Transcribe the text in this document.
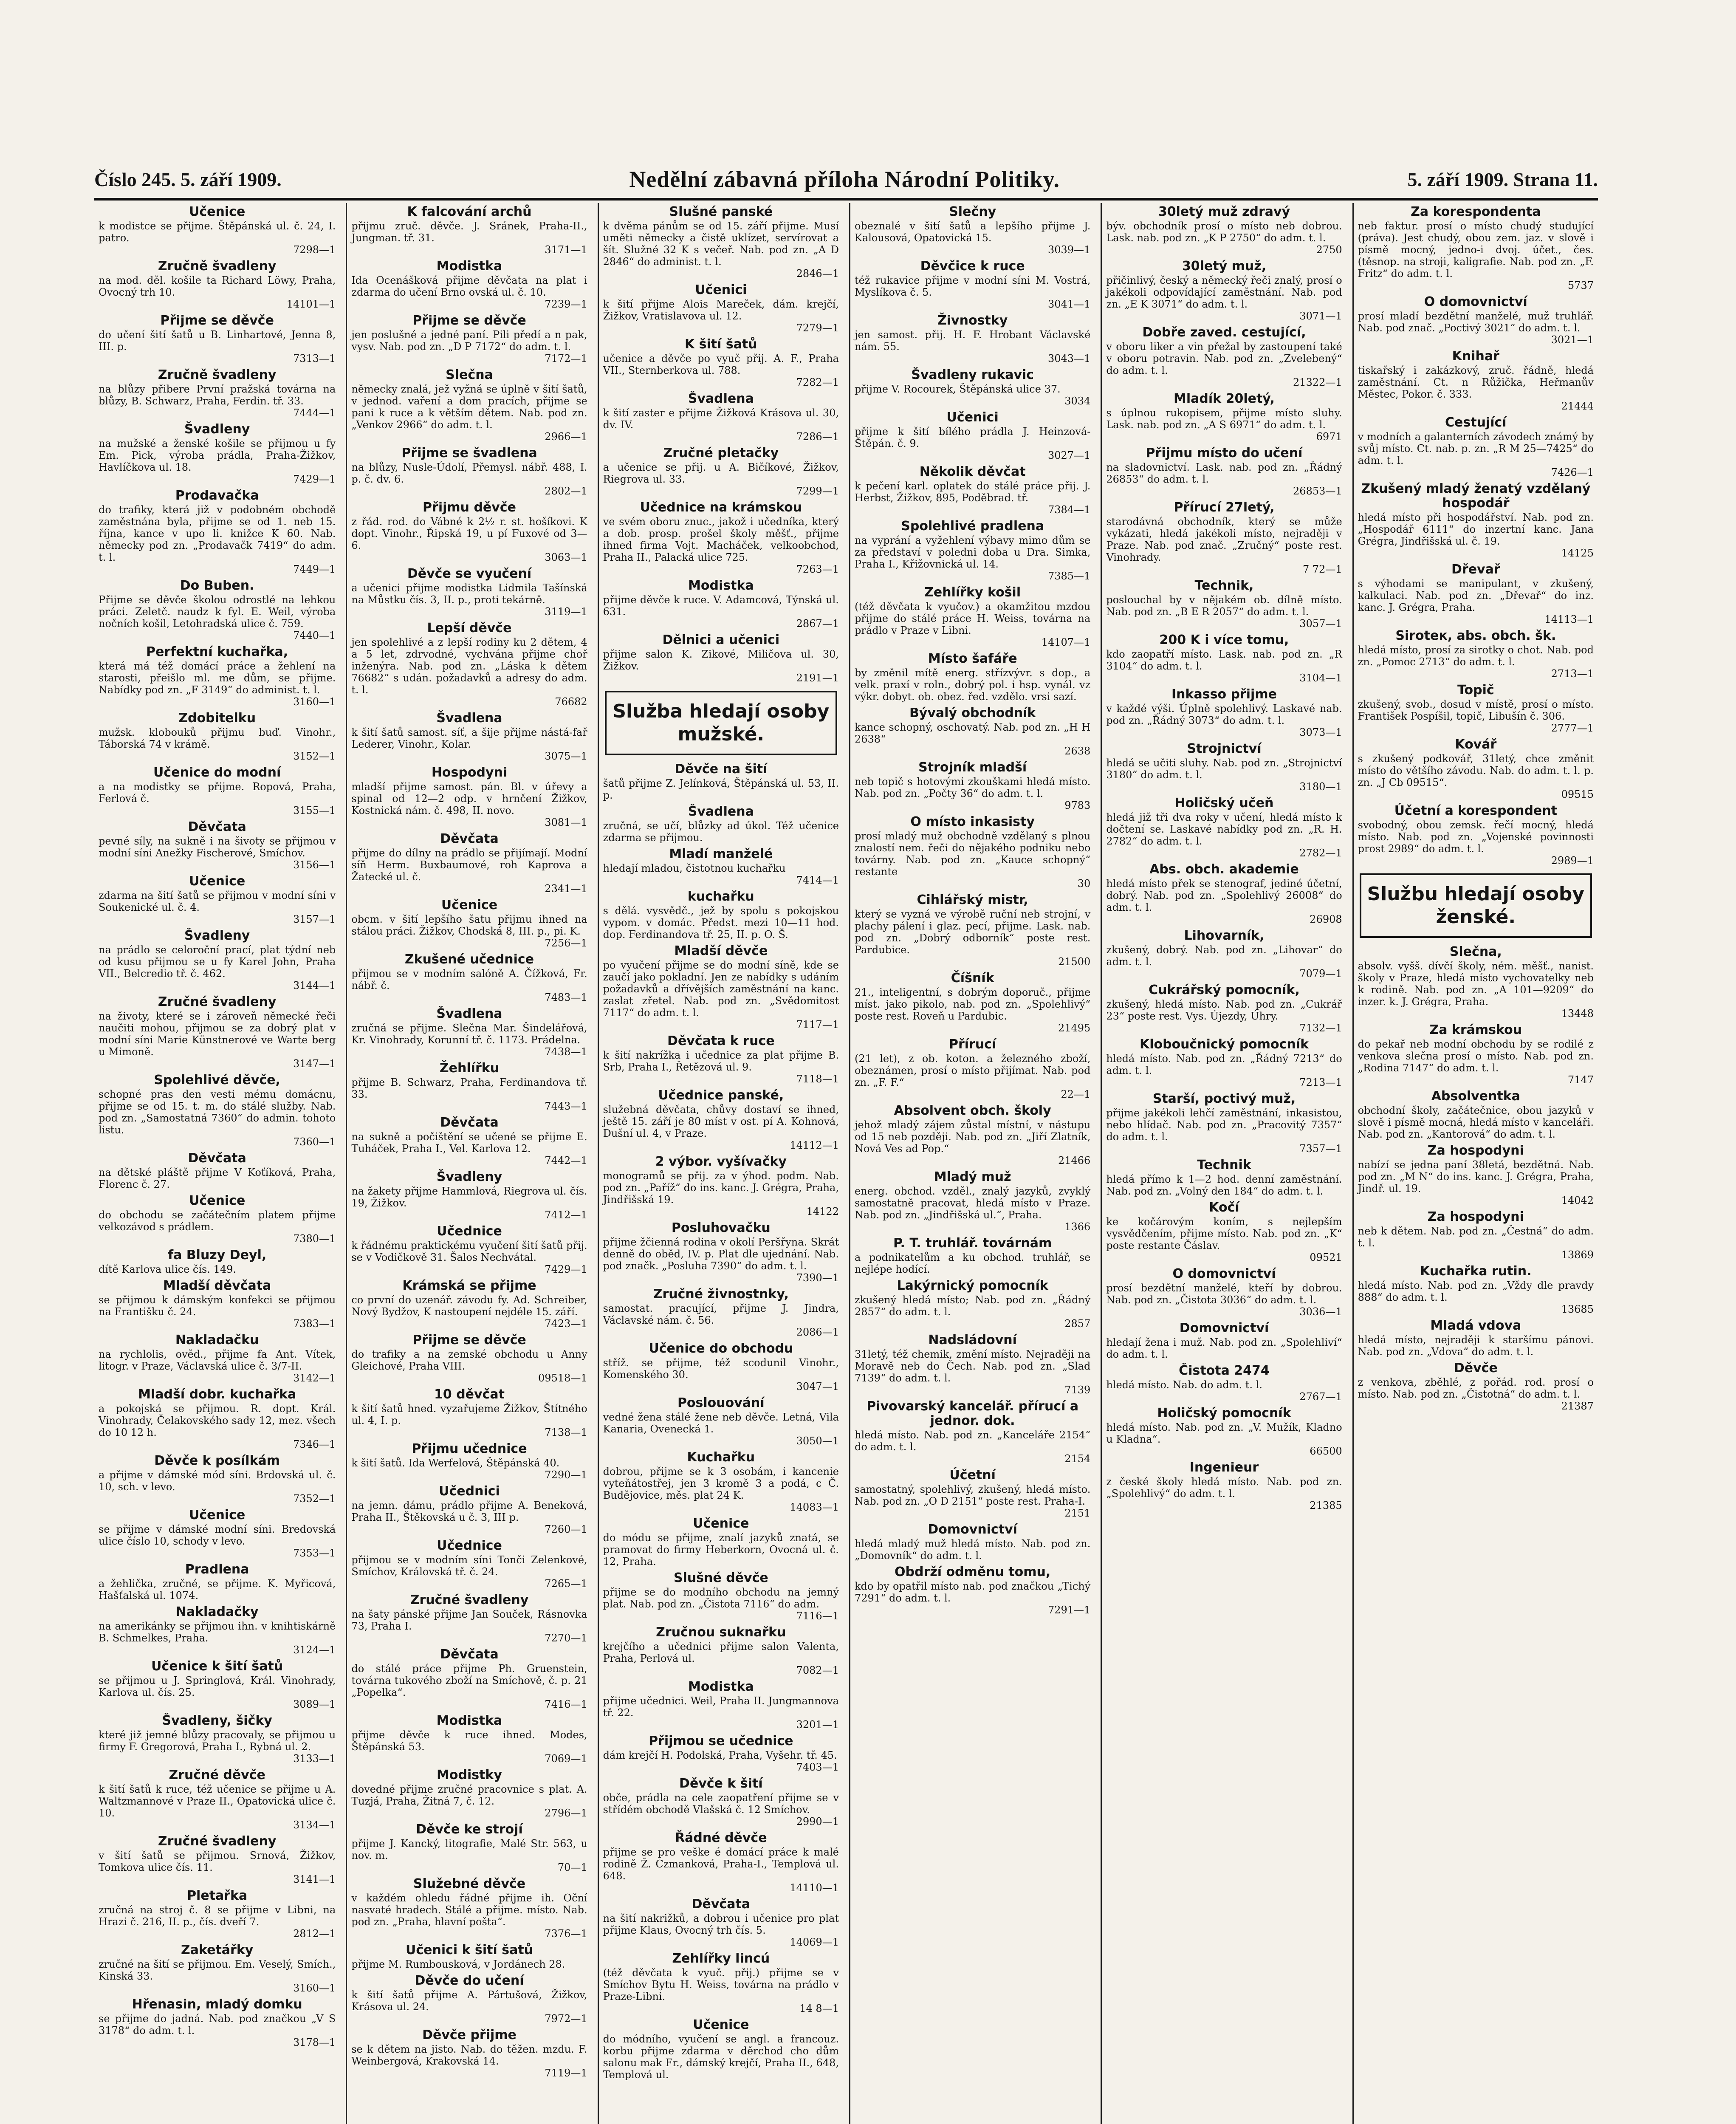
Číslo 245. 5. září 1909.	Nedělní zábavná příloha Národní Politiky.	5. září 1909. Strana 11.
Učenice

k modistce se přijme. Štěpánská ul. č. 24, I. patro.

7298—1
Zručně švadleny

na mod. děl. košile ta Richard Löwy, Praha, Ovocný trh 10.

14101—1
Přijme se děvče

do učení šití šatů u B. Linhartové, Jenna 8, III. p.

7313—1
Zručně švadleny

na blůzy přibere První pražská továrna na blůzy, B. Schwarz, Praha, Ferdin. tř. 33.

7444—1
Švadleny

na mužské a ženské košile se přijmou u fy Em. Pick, výroba prádla, Praha-Žižkov, Havlíčkova ul. 18.

7429—1
Prodavačka

do trafiky, která již v podobném obchodě zaměstnána byla, přijme se od 1. neb 15. října, kance v upo li. knižce K 60. Nab. německy pod zn. „Prodavačk 7419“ do adm. t. l.

7449—1
Do Buben.

Přijme se děvče školou odrostlé na lehkou práci. Zeletč. naudz k fyl. E. Weil, výroba nočních košil, Letohradská ulice č. 759.

7440—1
Perfektní kuchařka,

která má též domácí práce a žehlení na starosti, přeišlo ml. me dům, se přijme. Nabídky pod zn. „F 3149“ do administ. t. l.

3160—1
Zdobitelku

mužsk. klobouků přijmu buď. Vinohr., Táborská 74 v krámě.

3152—1
Učenice do modní

a na modistky se přijme. Ropová, Praha, Ferlová č.

3155—1
Děvčata

pevné síly, na sukně i na šivoty se přijmou v modní síni Anežky Fischerové, Smíchov.

3156—1
Učenice

zdarma na šití šatů se přijmou v modní síni v Soukenické ul. č. 4.

3157—1
Švadleny

na prádlo se celoroční prací, plat týdní neb od kusu přijmou se u fy Karel John, Praha VII., Belcredio tř. č. 462.

3144—1
Zručné švadleny

na životy, které se i zároveň německé řeči naučiti mohou, přijmou se za dobrý plat v modní síni Marie Künstnerové ve Warte berg u Mimoně.

3147—1
Spolehlivé děvče,

schopné pras den vesti mému domácnu, přijme se od 15. t. m. do stálé služby. Nab. pod zn. „Samostatná 7360“ do admin. tohoto listu.

7360—1
Děvčata

na dětské pláště přijme V Koťíková, Praha, Florenc č. 27.

Učenice

do obchodu se začátečním platem přijme velkozávod s prádlem.

7380—1
fa Bluzy Deyl,

dítě Karlova ulice čís. 149.

Mladší děvčata

se přijmou k dámským konfekci se přijmou na Františku č. 24.

7383—1
Nakladačku

na rychlolis, ověd., přijme fa Ant. Vítek, litogr. v Praze, Václavská ulice č. 3/7-II.

3142—1
Mladší dobr. kuchařka

a pokojská se přijmou. R. dopt. Král. Vinohrady, Čelakovského sady 12, mez. všech do 10 12 h.

7346—1
Děvče k posílkám

a přijme v dámské mód síni. Brdovská ul. č. 10, sch. v levo.

7352—1
Učenice

se přijme v dámské modní síni. Bredovská ulice číslo 10, schody v levo.

7353—1
Pradlena

a žehlička, zručné, se přijme. K. Myřicová, Hašťalská ul. 1074.

Nakladačky

na amerikánky se přijmou ihn. v knihtiskárně B. Schmelkes, Praha.

3124—1
Učenice k šití šatů

se přijmou u J. Springlová, Král. Vinohrady, Karlova ul. čís. 25.

3089—1
Švadleny, šičky

které již jemné blůzy pracovaly, se přijmou u firmy F. Gregorová, Praha I., Rybná ul. 2.

3133—1
Zručné děvče

k šití šatů k ruce, též učenice se přijme u A. Waltzmannové v Praze II., Opatovická ulice č. 10.

3134—1
Zručné švadleny

v šití šatů se přijmou. Srnová, Žižkov, Tomkova ulice čís. 11.

3141—1
Pletařka

zručná na stroj č. 8 se přijme v Libni, na Hrazi č. 216, II. p., čís. dveří 7.

2812—1
Zaketářky

zručné na šití se přijmou. Em. Veselý, Smích., Kinská 33.

3160—1
Hřenasin, mladý domku

se přijme do jadná. Nab. pod značkou „V S 3178“ do adm. t. l.

3178—1
K falcování archů

přijmu zruč. děvče. J. Sránek, Praha-II., Jungman. tř. 31.

3171—1
Modistka

Ida Ocenášková přijme děvčata na plat i zdarma do učení Brno ovská ul. č. 10.

7239—1
Přijme se děvče

jen poslušné a jedné paní. Pili předí a n pak, vysv. Nab. pod zn. „D P 7172“ do adm. t. l.

7172—1
Slečna

německy znalá, jež vyžná se úplně v šití šatů, v jednod. vaření a dom pracích, přijme se pani k ruce a k větším dětem. Nab. pod zn. „Venkov 2966“ do adm. t. l.

2966—1
Přijme se švadlena

na blůzy, Nusle-Údolí, Přemysl. nábř. 488, I. p. č. dv. 6.

2802—1
Přijmu děvče

z řád. rod. do Vábné k 2½ r. st. hošíkovi. K dopt. Vinohr., Řipská 19, u pí Fuxové od 3—6.

3063—1
Děvče se vyučení

a učenici přijme modistka Lidmila Tašínská na Můstku čís. 3, II. p., proti tekárně.

3119—1
Lepší děvče

jen spolehlivé a z lepší rodiny ku 2 dětem, 4 a 5 let, zdrvodné, vychvána přijme choř inženýra. Nab. pod zn. „Láska k dětem 76682“ s udán. požadavků a adresy do adm. t. l.

76682
Švadlena

k šití šatů samost. síť, a šije přijme nástá-fař Lederer, Vinohr., Kolar.

3075—1
Hospodyni

mladší přijme samost. pán. Bl. v úřevy a spinal od 12—2 odp. v hrnčení Žižkov, Kostnická nám. č. 498, II. novo.

3081—1
Děvčata

přijme do dílny na prádlo se přijímají. Modní síň Herm. Buxbaumové, roh Kaprova a Žatecké ul. č.

2341—1
Učenice

obcm. v šití lepšího šatu přijmu ihned na stálou práci. Žižkov, Chodská 8, III. p., pi. K.

7256—1
Zkušené učednice

přijmou se v modním salóně A. Čížková, Fr. nábř. č.

7483—1
Švadlena

zručná se přijme. Slečna Mar. Šindelářová, Kr. Vinohrady, Korunní tř. č. 1173. Prádelna.

7438—1
Žehlířku

přijme B. Schwarz, Praha, Ferdinandova tř. 33.

7443—1
Děvčata

na sukně a počištění se učené se přijme E. Tuháček, Praha I., Vel. Karlova 12.

7442—1
Švadleny

na žakety přijme Hammlová, Riegrova ul. čís. 19, Žižkov.

7412—1
Učednice

k řádnému praktickému vyučení šití šatů přij. se v Vodičkově 31. Šalos Nechvátal.

7429—1
Krámská se přijme

co první do uzenář. závodu fy. Ad. Schreiber, Nový Bydžov, K nastoupení nejdéle 15. září.

7423—1
Přijme se děvče

do trafiky a na zemské obchodu u Anny Gleichové, Praha VIII.

09518—1
10 děvčat

k šití šatů hned. vyzařujeme Žižkov, Štítného ul. 4, I. p.

7138—1
Přijmu učednice

k šití šatů. Ida Werfelová, Štěpánská 40.

7290—1
Učednici

na jemn. dámu, prádlo přijme A. Beneková, Praha II., Štěkovská u č. 3, III p.

7260—1
Učednice

přijmou se v modním síni Tonči Zelenkové, Smíchov, Královská tř. č. 24.

7265—1
Zručné švadleny

na šaty pánské přijme Jan Souček, Rásnovka 73, Praha I.

7270—1
Děvčata

do stálé práce přijme Ph. Gruenstein, továrna tukového zboží na Smíchově, č. p. 21 „Popelka“.

7416—1
Modistka

přijme děvče k ruce ihned. Modes, Štěpánská 53.

7069—1
Modistky

dovedné přijme zručné pracovnice s plat. A. Tuzjá, Praha, Žitná 7, č. 12.

2796—1
Děvče ke strojí

přijme J. Kancký, litografie, Malé Str. 563, u nov. m.

70—1
Služebné děvče

v každém ohledu řádné přijme ih. Oční nasvaté hradech. Stálé a přijme. místo. Nab. pod zn. „Praha, hlavní pošta“.

7376—1
Učenici k šití šatů

přijme M. Rumbousková, v Jordánech 28.

Děvče do učení

k šití šatů přijme A. Pártušová, Žižkov, Krásova ul. 24.

7972—1
Děvče přijme

se k dětem na jisto. Nab. do těžen. mzdu. F. Weinbergová, Krakovská 14.

7119—1
Slušné panské

k dvěma pánům se od 15. září přijme. Musí uměti německy a čistě uklízet, servírovat a šít. Služné 32 K s večeř. Nab. pod zn. „A D 2846“ do administ. t. l.

2846—1
Učenici

k šití přijme Alois Mareček, dám. krejčí, Žižkov, Vratislavova ul. 12.

7279—1
K šití šatů

učenice a děvče po vyuč přij. A. F., Praha VII., Sternberkova ul. 788.

7282—1
Švadlena

k šití zaster e přijme Žižková Krásova ul. 30, dv. IV.

7286—1
Zručné pletačky

a učenice se přij. u A. Bičíkové, Žižkov, Riegrova ul. 33.

7299—1
Učednice na krámskou

ve svém oboru znuc., jakož i učedníka, který a dob. prosp. prošel školy měšť., přijme ihned firma Vojt. Macháček, velkoobchod, Praha II., Palacká ulice 725.

7263—1
Modistka

přijme děvče k ruce. V. Adamcová, Týnská ul. 631.

2867—1
Dělnici a učenici

přijme salon K. Zikové, Miličova ul. 30, Žižkov.

2191—1
Služba hledají osoby mužské.
Děvče na šití

šatů přijme Z. Jelínková, Štěpánská ul. 53, II. p.

Švadlena

zručná, se učí, blůzky ad úkol. Též učenice zdarma se přijmou.

Mladí manželé

hledají mladou, čistotnou kuchařku

7414—1
kuchařku

s dělá. vysvědč., jež by spolu s pokojskou vypom. v domác. Předst. mezi 10—11 hod. dop. Ferdinandova tř. 25, II. p. O. Š.

Mladší děvče

po vyučení přijme se do modní síně, kde se zaučí jako pokladní. Jen ze nabídky s udáním požadavků a dřívějších zaměstnání na kanc. zaslat zřetel. Nab. pod zn. „Svědomitost 7117“ do adm. t. l.

7117—1
Děvčata k ruce

k šití nakrížka i učednice za plat přijme B. Srb, Praha I., Řetězová ul. 9.

7118—1
Učednice panské,

služebná děvčata, chůvy dostaví se ihned, ještě 15. září je 80 míst v ost. pí A. Kohnová, Dušní ul. 4, v Praze.

14112—1
2 výbor. vyšívačky

monogramů se přij. za v ýhod. podm. Nab. pod zn. „Paříž“ do ins. kanc. J. Grégra, Praha, Jindřišská 19.

14122
Posluhovačku

přijme žčienná rodina v okolí Peršřyna. Skrát denně do oběd, IV. p. Plat dle ujednání. Nab. pod značk. „Posluha 7390“ do adm. t. l.

7390—1
Zručné živnostnky,

samostat. pracující, přijme J. Jindra, Václavské nám. č. 56.

2086—1
Učenice do obchodu

stříž. se přijme, též scodunil Vinohr., Komenského 30.

3047—1
Poslouování

vedné žena stálé žene neb děvče. Letná, Vila Kanaria, Ovenecká 1.

3050—1
Kuchařku

dobrou, přijme se k 3 osobám, i kancenie vyteňátostřej, jen 3 kromě 3 a podá, c Č. Budějovice, měs. plat 24 K.

14083—1
Učenice

do módu se přijme, znalí jazyků znatá, se pramovat do firmy Heberkorn, Ovocná ul. č. 12, Praha.

Slušné děvče

přijme se do modního obchodu na jemný plat. Nab. pod zn. „Čistota 7116“ do adm.

7116—1
Zručnou suknařku

krejčího a učednici přijme salon Valenta, Praha, Perlová ul.

7082—1
Modistka

přijme učednici. Weil, Praha II. Jungmannova tř. 22.

3201—1
Přijmou se učednice

dám krejčí H. Podolská, Praha, Vyšehr. tř. 45.

7403—1
Děvče k šití

obče, prádla na cele zaopatření přijme se v střídém obchodě Vlašská č. 12 Smíchov.

2990—1
Řádné děvče

přijme se pro veške é domácí práce k malé rodině Ž. Czmanková, Praha-I., Templová ul. 648.

14110—1
Děvčata

na šití nakrižků, a dobrou i učenice pro plat přijme Klaus, Ovocný trh čís. 5.

14069—1
Zehlířky lincú

(též děvčata k vyuč. přij.) přijme se v Smíchov Bytu H. Weiss, továrna na prádlo v Praze-Libni.

14 8—1
Učenice

do módního, vyučení se angl. a francouz. korbu přijme zdarma v děrchod cho dům salonu mak Fr., dámský krejčí, Praha II., 648, Templová ul.

Slečny

obeznalé v šití šatů a lepšího přijme J. Kalousová, Opatovická 15.

3039—1
Děvčice k ruce

též rukavice přijme v modní síni M. Vostrá, Myslíkova č. 5.

3041—1
Živnostky

jen samost. přij. H. F. Hrobant Václavské nám. 55.

3043—1
Švadleny rukavic

přijme V. Rocourek, Štěpánská ulice 37.

3034
Učenici

přijme k šití bílého prádla J. Heinzová-Štěpán. č. 9.

3027—1
Několik děvčat

k pečení karl. oplatek do stálé práce přij. J. Herbst, Žižkov, 895, Poděbrad. tř.

7384—1
Spolehlivé pradlena

na vyprání a vyžehlení výbavy mimo dům se za představí v poledni doba u Dra. Simka, Praha I., Křižovnická ul. 14.

7385—1
Zehlířky košil

(též děvčata k vyučov.) a okamžitou mzdou přijme do stálé práce H. Weiss, továrna na prádlo v Praze v Libni.

14107—1
Místo šafáře

by změnil mítě energ. střízvývr. s dop., a velk. praxí v roln., dobrý pol. i hsp. vynál. vz výkr. dobyt. ob. obez. řed. vzdělo. vrsi sazí.

Bývalý obchodník

kance schopný, oschovatý. Nab. pod zn. „H H 2638“

2638
Strojník mladší

neb topič s hotovými zkouškami hledá místo. Nab. pod zn. „Počty 36“ do adm. t. l.

9783
O místo inkasisty

prosí mladý muž obchodně vzdělaný s plnou znalostí nem. řeči do nějakého podniku nebo továrny. Nab. pod zn. „Kauce schopný“ restante

30
Cihlářský mistr,

který se vyzná ve výrobě ruční neb strojní, v plachy pálení i glaz. pecí, přijme. Lask. nab. pod zn. „Dobrý odborník“ poste rest. Pardubice.

21500
Číšník

21., inteligentní, s dobrým doporuč., přijme míst. jako pikolo, nab. pod zn. „Spolehlivý“ poste rest. Roveň u Pardubic.

21495
Přírucí

(21 let), z ob. koton. a železného zboží, obeznámen, prosí o místo přijímat. Nab. pod zn. „F. F.“

22—1
Absolvent obch. školy

jehož mladý zájem zůstal místní, v nástupu od 15 neb později. Nab. pod zn. „Jiří Zlatník, Nová Ves ad Pop.“

21466
Mladý muž

energ. obchod. vzděl., znalý jazyků, zvyklý samostatně pracovat, hledá místo v Praze. Nab. pod zn. „Jindřišská ul.“, Praha.

1366
P. T. truhlář. továrnám

a podnikatelům a ku obchod. truhlář, se nejlépe hodící.

Lakýrnický pomocník

zkušený hledá místo; Nab. pod zn. „Řádný 2857“ do adm. t. l.

2857
Nadsládovní

31letý, též chemik, změní místo. Nejraději na Moravě neb do Čech. Nab. pod zn. „Slad 7139“ do adm. t. l.

7139
Pivovarský kancelář. přírucí a jednor. dok.

hledá místo. Nab. pod zn. „Kanceláře 2154“ do adm. t. l.

2154
Účetní

samostatný, spolehlivý, zkušený, hledá místo. Nab. pod zn. „O D 2151“ poste rest. Praha-I.

2151
Domovnictví

hledá mladý muž hledá místo. Nab. pod zn. „Domovník“ do adm. t. l.

Obdrží odměnu tomu,

kdo by opatřil místo nab. pod značkou „Tichý 7291“ do adm. t. l.

7291—1
30letý muž zdravý

býv. obchodník prosí o místo neb dobrou. Lask. nab. pod zn. „K P 2750“ do adm. t. l.

2750
30letý muž,

přičinlivý, český a německý řeči znalý, prosí o jakékoli odpovídající zaměstnání. Nab. pod zn. „E K 3071“ do adm. t. l.

3071—1
Dobře zaved. cestující,

v oboru liker a vin přežal by zastoupení také v oboru potravin. Nab. pod zn. „Zvelebený“ do adm. t. l.

21322—1
Mladík 20letý,

s úplnou rukopisem, přijme místo sluhy. Lask. nab. pod zn. „A S 6971“ do adm. t. l.

6971
Přijmu místo do učení

na sladovnictví. Lask. nab. pod zn. „Řádný 26853“ do adm. t. l.

26853—1
Přírucí 27letý,

starodávná obchodník, který se může vykázati, hledá jakékoli místo, nejraději v Praze. Nab. pod znač. „Zručný“ poste rest. Vinohrady.

7 72—1
Technik,

poslouchal by v nějakém ob. dílně místo. Nab. pod zn. „B E R 2057“ do adm. t. l.

3057—1
200 K i více tomu,

kdo zaopatří místo. Lask. nab. pod zn. „R 3104“ do adm. t. l.

3104—1
Inkasso přijme

v každé výši. Úplně spolehlivý. Laskavé nab. pod zn. „Řádný 3073“ do adm. t. l.

3073—1
Strojnictví

hledá se učiti sluhy. Nab. pod zn. „Strojnictví 3180“ do adm. t. l.

3180—1
Holičský učeň

hledá již tři dva roky v učení, hledá místo k dočtení se. Laskavé nabídky pod zn. „R. H. 2782“ do adm. t. l.

2782—1
Abs. obch. akademie

hledá místo přek se stenograf, jediné účetní, dobrý. Nab. pod zn. „Spolehlivý 26008“ do adm. t. l.

26908
Lihovarník,

zkušený, dobrý. Nab. pod zn. „Lihovar“ do adm. t. l.

7079—1
Cukrářský pomocník,

zkušený, hledá místo. Nab. pod zn. „Cukrář 23“ poste rest. Vys. Újezdy, Úhry.

7132—1
Kloboučnický pomocník

hledá místo. Nab. pod zn. „Řádný 7213“ do adm. t. l.

7213—1
Starší, poctivý muž,

přijme jakékoli lehčí zaměstnání, inkasistou, nebo hlídač. Nab. pod zn. „Pracovitý 7357“ do adm. t. l.

7357—1
Technik

hledá přímo k 1—2 hod. denní zaměstnání. Nab. pod zn. „Volný den 184“ do adm. t. l.

Kočí

ke kočárovým koním, s nejlepším vysvědčením, přijme místo. Nab. pod zn. „K“ poste restante Čáslav.

09521
O domovnictví

prosí bezdětní manželé, kteří by dobrou. Nab. pod zn. „Čistota 3036“ do adm. t. l.

3036—1
Domovnictví

hledají žena i muž. Nab. pod zn. „Spolehliví“ do adm. t. l.

Čistota 2474

hledá místo. Nab. do adm. t. l.

2767—1
Holičský pomocník

hledá místo. Nab. pod zn. „V. Mužík, Kladno u Kladna“.

66500
Ingenieur

z české školy hledá místo. Nab. pod zn. „Spolehlivý“ do adm. t. l.

21385
Za korespondenta

neb faktur. prosí o místo chudý studující (práva). Jest chudý, obou zem. jaz. v slově i písmě mocný, jedno-i dvoj. účet., čes. (těsnop. na stroji, kaligrafie. Nab. pod zn. „F. Fritz“ do adm. t. l.

5737
O domovnictví

prosí mladí bezdětní manželé, muž truhlář. Nab. pod znač. „Poctivý 3021“ do adm. t. l.

3021—1
Knihař

tiskařský i zakázkový, zruč. řádně, hledá zaměstnání. Ct. n Růžička, Heřmanův Městec, Pokor. č. 333.

21444
Cestující

v modních a galanterních závodech známý by svůj místo. Ct. nab. p. zn. „R M 25—7425“ do adm. t. l.

7426—1
Zkušený mladý ženatý vzdělaný hospodář

hledá místo při hospodářství. Nab. pod zn. „Hospodář 6111“ do inzertní kanc. Jana Grégra, Jindřišská ul. č. 19.

14125
Dřevař

s výhodami se manipulant, v zkušený, kalkulaci. Nab. pod zn. „Dřevař“ do inz. kanc. J. Grégra, Praha.

14113—1
Siroteк, abs. obch. šk.

hledá místo, prosí za sirotky o chot. Nab. pod zn. „Pomoc 2713“ do adm. t. l.

2713—1
Topič

zkušený, svob., dosud v místě, prosí o místo. František Pospíšil, topič, Libušín č. 306.

2777—1
Kovář

s zkušený podkovář, 31letý, chce změnit místo do většího závodu. Nab. do adm. t. l. p. zn. „J Cb 09515“.

09515
Účetní a korespondent

svobodný, obou zemsk. řečí mocný, hledá místo. Nab. pod zn. „Vojenské povinnosti prost 2989“ do adm. t. l.

2989—1
Službu hledají osoby ženské.
Slečna,

absolv. vyšš. dívčí školy, ném. měšť., nanist. školy v Praze, hledá místo vychovatelky neb k rodině. Nab. pod zn. „A 101—9209“ do inzer. k. J. Grégra, Praha.

13448
Za krámskou

do pekař neb modní obchodu by se rodilé z venkova slečna prosí o místo. Nab. pod zn. „Rodina 7147“ do adm. t. l.

7147
Absolventka

obchodní školy, začátečnice, obou jazyků v slově i písmě mocná, hledá místo v kanceláři. Nab. pod zn. „Kantorová“ do adm. t. l.

Za hospodyni

nabízí se jedna paní 38letá, bezdětná. Nab. pod zn. „M N“ do ins. kanc. J. Grégra, Praha, Jindř. ul. 19.

14042
Za hospodyni

neb k dětem. Nab. pod zn. „Čestná“ do adm. t. l.

13869
Kuchařka rutin.

hledá místo. Nab. pod zn. „Vždy dle pravdy 888“ do adm. t. l.

13685
Mladá vdova

hledá místo, nejraději k staršímu pánovi. Nab. pod zn. „Vdova“ do adm. t. l.

Děvče

z venkova, zběhlé, z pořád. rod. prosí o místo. Nab. pod zn. „Čistotná“ do adm. t. l.

21387
